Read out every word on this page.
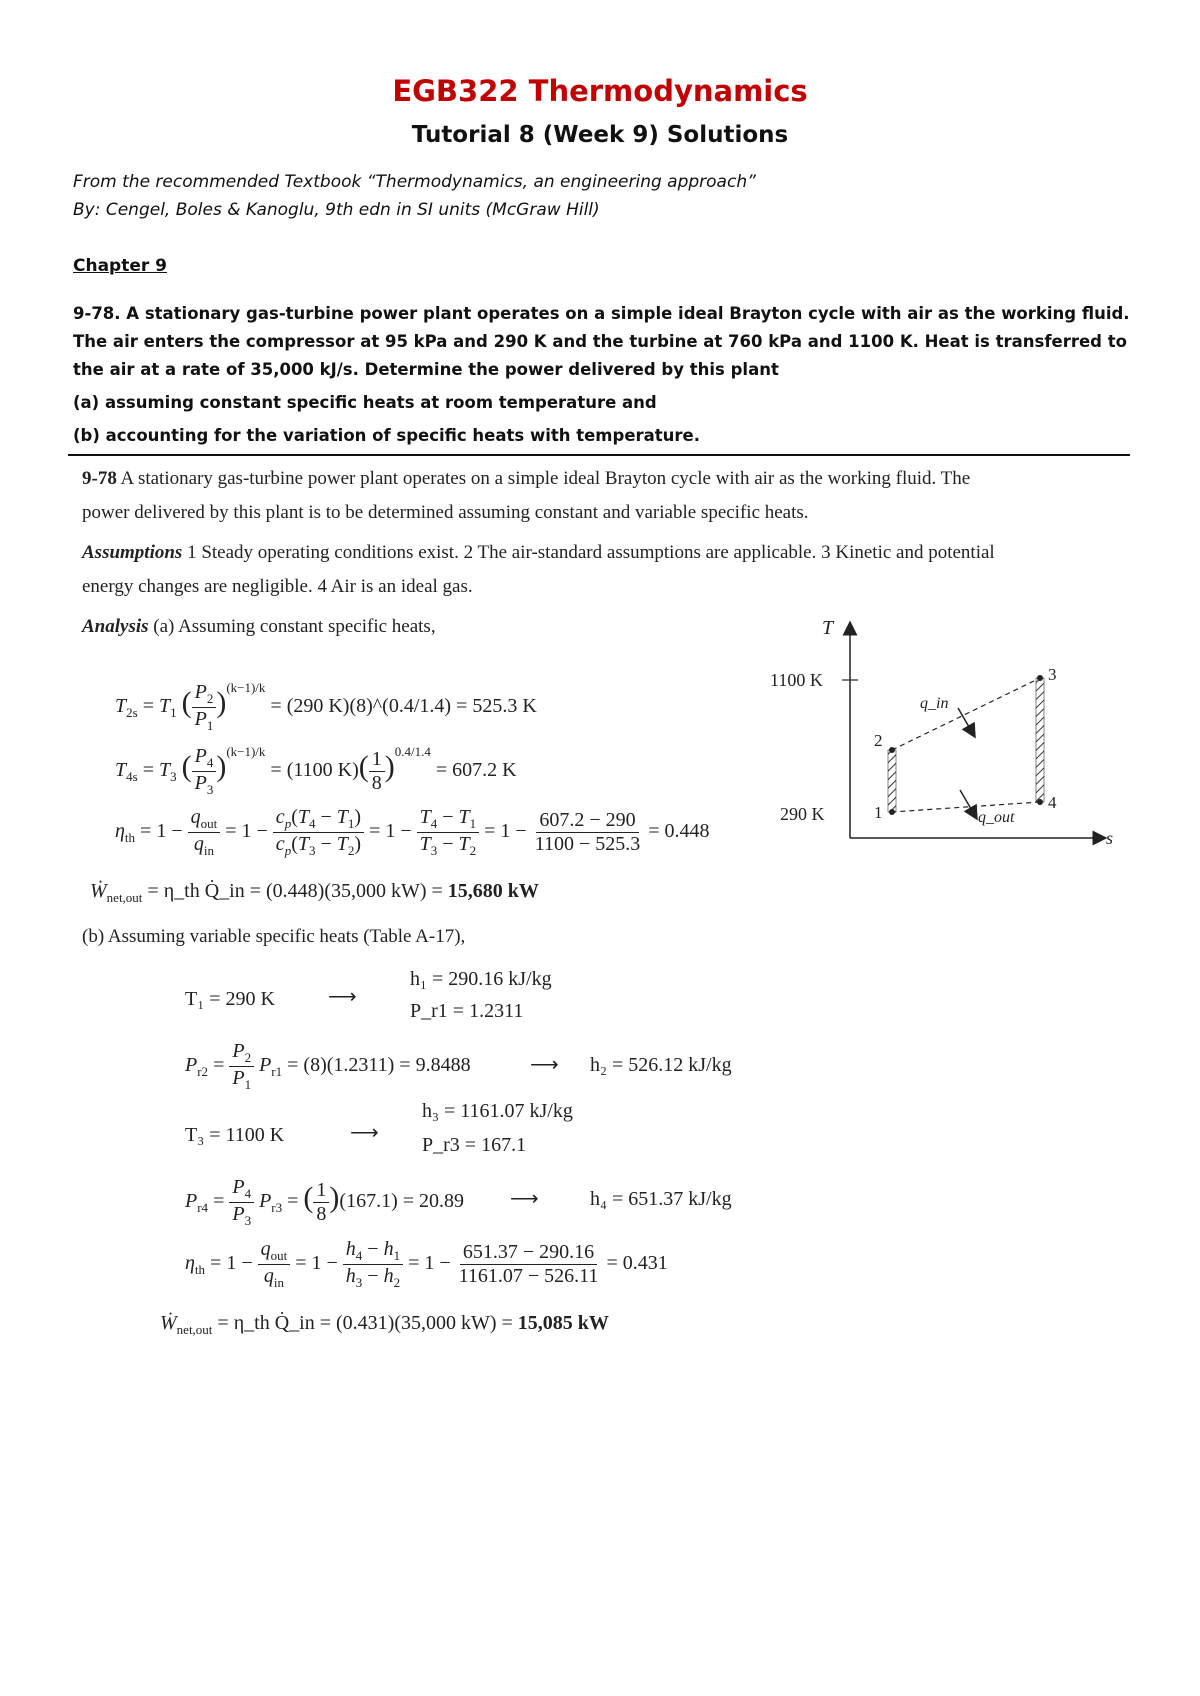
EGB322 Thermodynamics
Tutorial 8 (Week 9) Solutions
From the recommended Textbook “Thermodynamics, an engineering approach”
By: Cengel, Boles & Kanoglu, 9th edn in SI units (McGraw Hill)
Chapter 9
9-78. A stationary gas-turbine power plant operates on a simple ideal Brayton cycle with air as the working fluid.
The air enters the compressor at 95 kPa and 290 K and the turbine at 760 kPa and 1100 K. Heat is transferred to
the air at a rate of 35,000 kJ/s. Determine the power delivered by this plant
(a) assuming constant specific heats at room temperature and
(b) accounting for the variation of specific heats with temperature.
9-78 A stationary gas-turbine power plant operates on a simple ideal Brayton cycle with air as the working fluid. The
power delivered by this plant is to be determined assuming constant and variable specific heats.
Assumptions 1 Steady operating conditions exist. 2 The air-standard assumptions are applicable. 3 Kinetic and potential
energy changes are negligible. 4 Air is an ideal gas.
Analysis (a) Assuming constant specific heats,
$T_{2s} = T_1$ ( $\frac{P_2}{P_1} )^{(k-1)/k} = (290$ K)(8)^(0.4/1.4) = 525.3 K
$T_{4s} = T_3$ ( $\frac{P_4}{P_3} )^{(k-1)/k} = (1100$ $K)( \frac{1}{8} )^{0.4/1.4} = 607.2$ K
$\eta_{th} = 1 - \frac{q_{out}}{q_{in}} = 1 - \frac{c_p(T_4 - T_1)}{c_p(T_3 - T_2)} = 1 - \frac{T_4 - T_1}{T_3 - T_2} = 1 - \frac{607.2 - 290}{1100 - 525.3} = 0.448$
Ẇ$_{net,out}$ = η_th Q̇_in = (0.448)(35,000 kW) = 15,680 kW
(b) Assuming variable specific heats (Table A-17),
T₁ = 290 K	⟶
h₁ = 290.16 kJ/kg
P_r1 = 1.2311
$P_{r2} = \frac{P_2}{P_1} P_{r1} = (8)(1.2311) = 9.8488$	⟶ h₂ = 526.12 kJ/kg
T₃ = 1100 K	⟶
h₃ = 1161.07 kJ/kg
P_r3 = 167.1
$P_{r4} = \frac{P_4}{P_3} P_{r3}$ = ( $\frac{1}{8} )(167.1) = 20.89$ ⟶	h₄ = 651.37 kJ/kg
$\eta_{th} = 1 - \frac{q_{out}}{q_{in}} = 1 - \frac{h_4 - h_1}{h_3 - h_2} = 1 - \frac{651.37 - 290.16}{1161.07 - 526.11} = 0.431$
Ẇ$_{net,out}$ = η_th Q̇_in = (0.431)(35,000 kW) = 15,085 kW
T
s
1100 K
290 K	1
2
3
4
q_in
q_out
